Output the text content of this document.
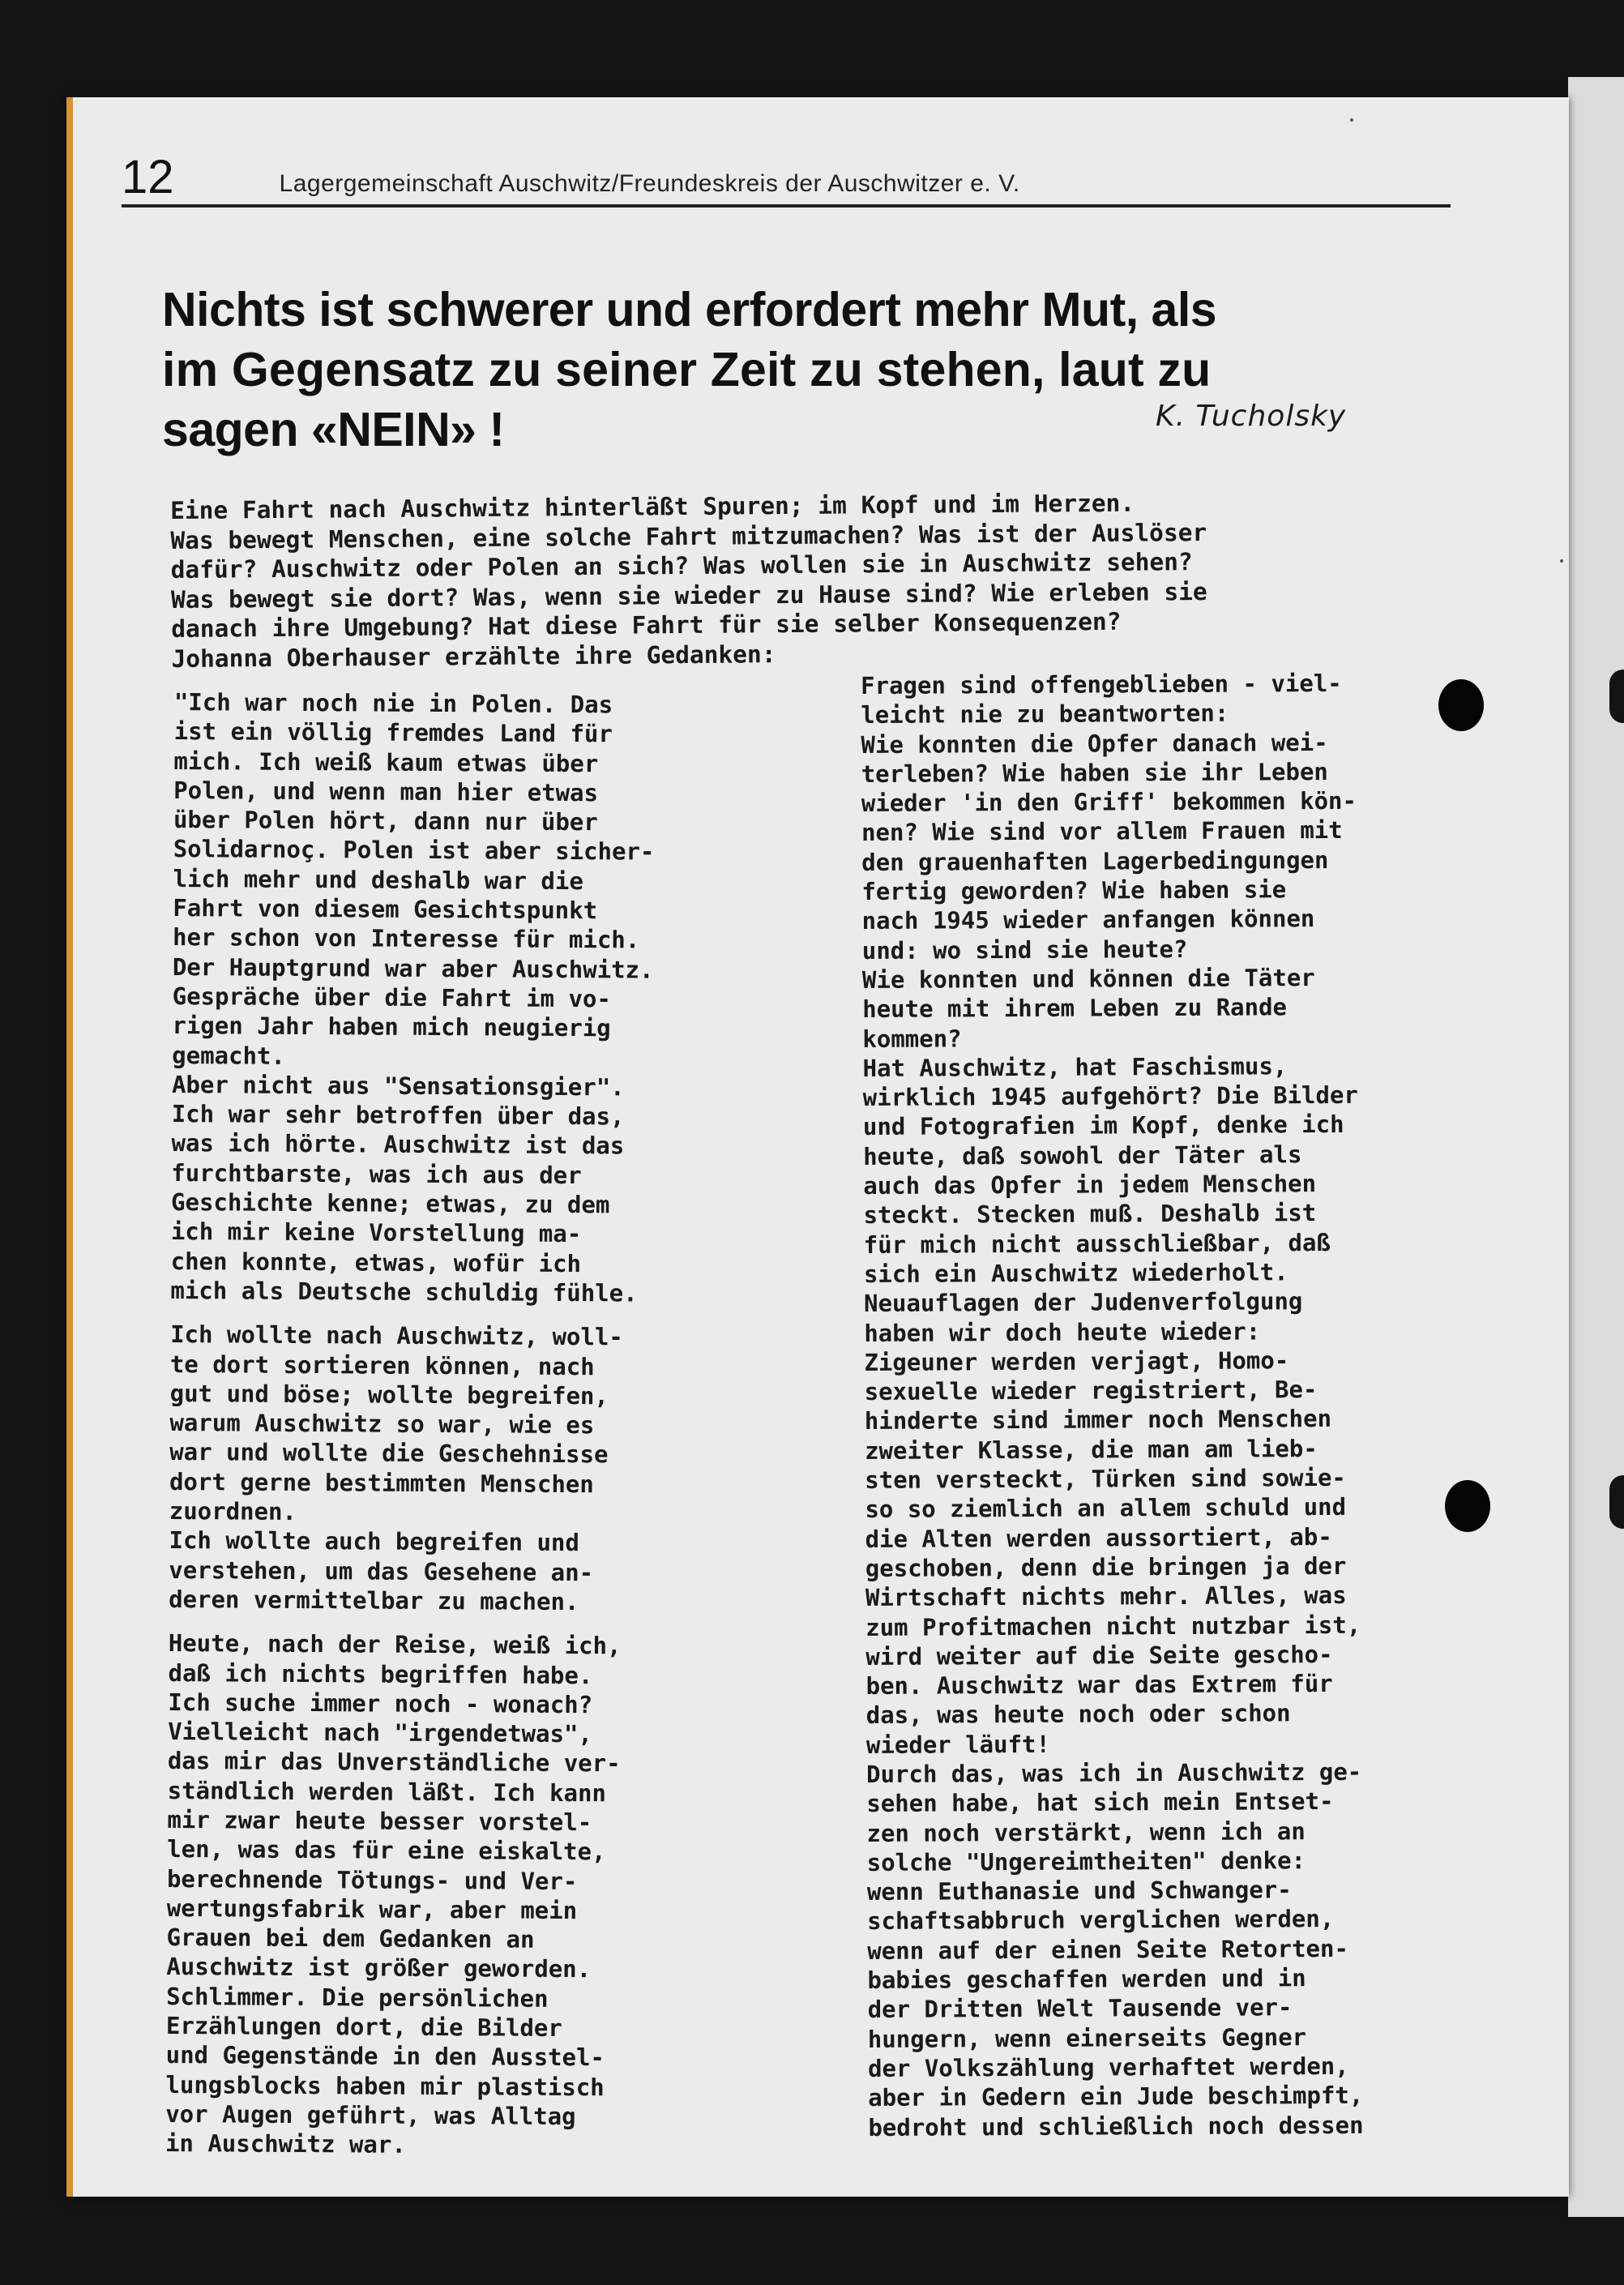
12	Lagergemeinschaft Auschwitz/Freundeskreis der Auschwitzer e. V.
Nichts ist schwerer und erfordert mehr Mut, als
im Gegensatz zu seiner Zeit zu stehen, laut zu
sagen «NEIN» !	K. Tucholsky
Eine Fahrt nach Auschwitz hinterläßt Spuren; im Kopf und im Herzen.
Was bewegt Menschen, eine solche Fahrt mitzumachen? Was ist der Auslöser
dafür? Auschwitz oder Polen an sich? Was wollen sie in Auschwitz sehen?
Was bewegt sie dort? Was, wenn sie wieder zu Hause sind? Wie erleben sie
danach ihre Umgebung? Hat diese Fahrt für sie selber Konsequenzen?
Johanna Oberhauser erzählte ihre Gedanken:
"Ich war noch nie in Polen. Das
ist ein völlig fremdes Land für
mich. Ich weiß kaum etwas über
Polen, und wenn man hier etwas
über Polen hört, dann nur über
Solidarnoç. Polen ist aber sicher-
lich mehr und deshalb war die
Fahrt von diesem Gesichtspunkt
her schon von Interesse für mich.
Der Hauptgrund war aber Auschwitz.
Gespräche über die Fahrt im vo-
rigen Jahr haben mich neugierig
gemacht.
Aber nicht aus "Sensationsgier".
Ich war sehr betroffen über das,
was ich hörte. Auschwitz ist das
furchtbarste, was ich aus der
Geschichte kenne; etwas, zu dem
ich mir keine Vorstellung ma-
chen konnte, etwas, wofür ich
mich als Deutsche schuldig fühle.
Ich wollte nach Auschwitz, woll-
te dort sortieren können, nach
gut und böse; wollte begreifen,
warum Auschwitz so war, wie es
war und wollte die Geschehnisse
dort gerne bestimmten Menschen
zuordnen.
Ich wollte auch begreifen und
verstehen, um das Gesehene an-
deren vermittelbar zu machen.
Heute, nach der Reise, weiß ich,
daß ich nichts begriffen habe.
Ich suche immer noch - wonach?
Vielleicht nach "irgendetwas",
das mir das Unverständliche ver-
ständlich werden läßt. Ich kann
mir zwar heute besser vorstel-
len, was das für eine eiskalte,
berechnende Tötungs- und Ver-
wertungsfabrik war, aber mein
Grauen bei dem Gedanken an
Auschwitz ist größer geworden.
Schlimmer. Die persönlichen
Erzählungen dort, die Bilder
und Gegenstände in den Ausstel-
lungsblocks haben mir plastisch
vor Augen geführt, was Alltag
in Auschwitz war.
Fragen sind offengeblieben - viel-
leicht nie zu beantworten:
Wie konnten die Opfer danach wei-
terleben? Wie haben sie ihr Leben
wieder 'in den Griff' bekommen kön-
nen? Wie sind vor allem Frauen mit
den grauenhaften Lagerbedingungen
fertig geworden? Wie haben sie
nach 1945 wieder anfangen können
und: wo sind sie heute?
Wie konnten und können die Täter
heute mit ihrem Leben zu Rande
kommen?
Hat Auschwitz, hat Faschismus,
wirklich 1945 aufgehört? Die Bilder
und Fotografien im Kopf, denke ich
heute, daß sowohl der Täter als
auch das Opfer in jedem Menschen
steckt. Stecken muß. Deshalb ist
für mich nicht ausschließbar, daß
sich ein Auschwitz wiederholt.
Neuauflagen der Judenverfolgung
haben wir doch heute wieder:
Zigeuner werden verjagt, Homo-
sexuelle wieder registriert, Be-
hinderte sind immer noch Menschen
zweiter Klasse, die man am lieb-
sten versteckt, Türken sind sowie-
so so ziemlich an allem schuld und
die Alten werden aussortiert, ab-
geschoben, denn die bringen ja der
Wirtschaft nichts mehr. Alles, was
zum Profitmachen nicht nutzbar ist,
wird weiter auf die Seite gescho-
ben. Auschwitz war das Extrem für
das, was heute noch oder schon
wieder läuft!
Durch das, was ich in Auschwitz ge-
sehen habe, hat sich mein Entset-
zen noch verstärkt, wenn ich an
solche "Ungereimtheiten" denke:
wenn Euthanasie und Schwanger-
schaftsabbruch verglichen werden,
wenn auf der einen Seite Retorten-
babies geschaffen werden und in
der Dritten Welt Tausende ver-
hungern, wenn einerseits Gegner
der Volkszählung verhaftet werden,
aber in Gedern ein Jude beschimpft,
bedroht und schließlich noch dessen
